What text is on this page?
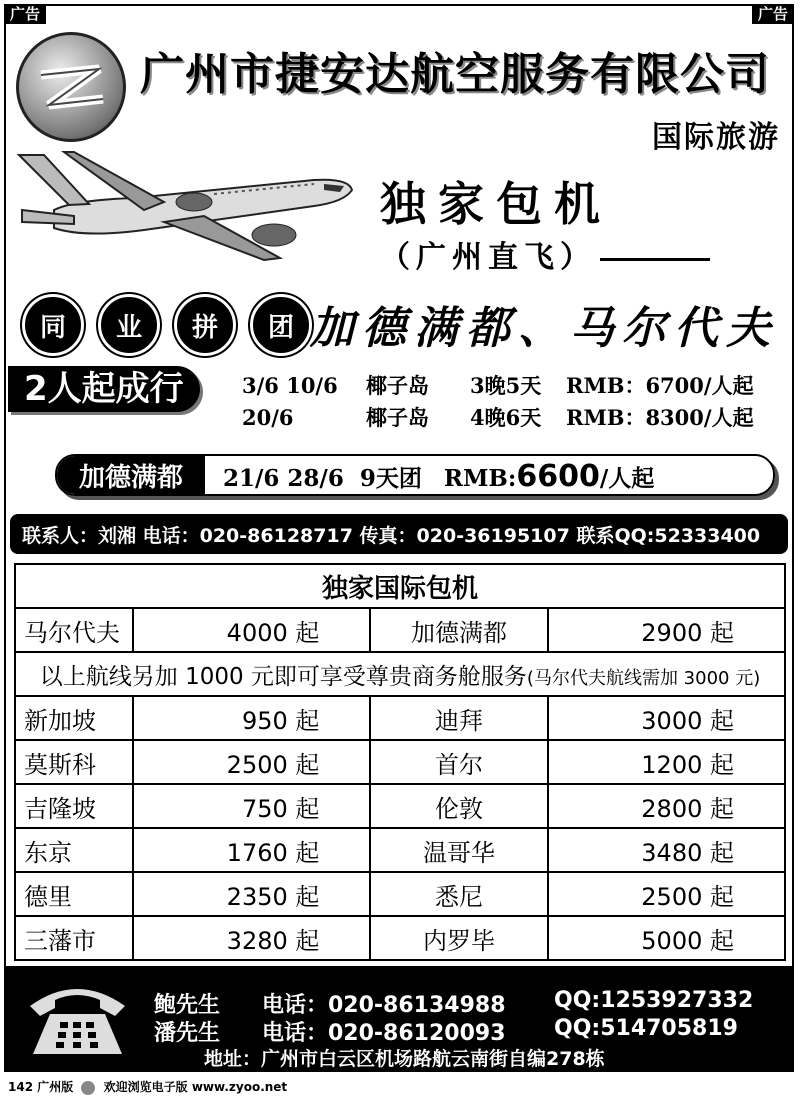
广告	广告
广州市捷安达航空服务有限公司
国际旅游
独家包机
（广州直飞）
同	业	拼	团 加德满都、马尔代夫
2人起成行	3/6 10/6 椰子岛 3晚5天 RMB：6700/人起
20/6	椰子岛 4晚6天 RMB：8300/人起
加德满都	21/6 28/6 9天团 RMB:6600/人起
联系人：刘湘 电话：020-86128717 传真：020-36195107 联系QQ:52333400
独家国际包机			
马尔代夫	4000 起	加德满都	2900 起
以上航线另加 1000 元即可享受尊贵商务舱服务(马尔代夫航线需加 3000 元)			
新加坡	950 起	迪拜	3000 起
莫斯科	2500 起	首尔	1200 起
吉隆坡	750 起	伦敦	2800 起
东京	1760 起	温哥华	3480 起
德里	2350 起	悉尼	2500 起
三藩市	3280 起	内罗毕	5000 起
鲍先生 电话：020-86134988 QQ:1253927332
潘先生 电话：020-86120093 QQ:514705819
地址：广州市白云区机场路航云南街自编278栋
142 广州版	欢迎浏览电子版 www.zyoo.net
